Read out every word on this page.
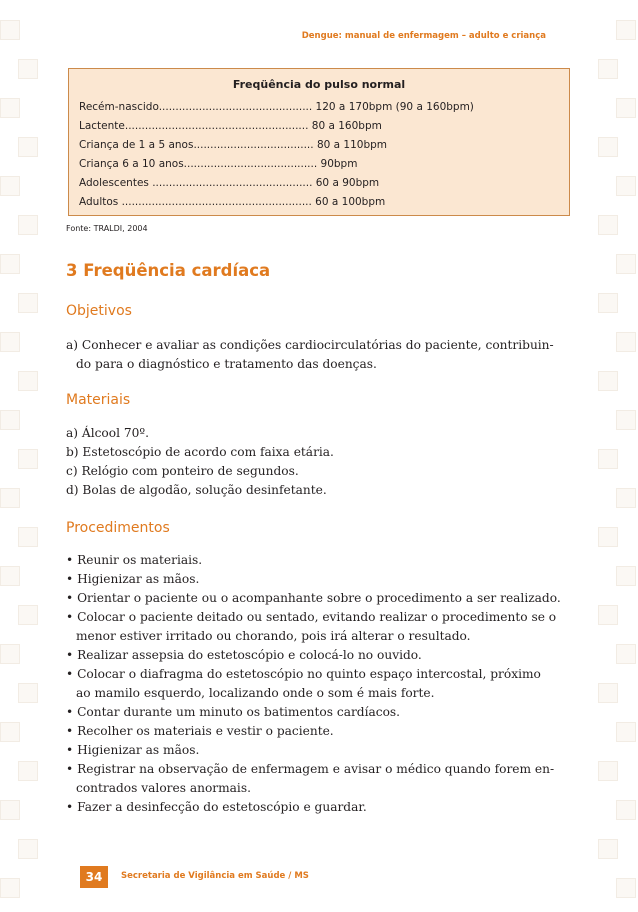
Dengue: manual de enfermagem – adulto e criança
Freqüência do pulso normal
Recém-nascido.............................................. 120 a 170bpm (90 a 160bpm)
Lactente....................................................... 80 a 160bpm
Criança de 1 a 5 anos.................................... 80 a 110bpm
Criança 6 a 10 anos........................................ 90bpm
Adolescentes ................................................ 60 a 90bpm
Adultos ......................................................... 60 a 100bpm
Fonte: TRALDI, 2004
3 Freqüência cardíaca
Objetivos
a) Conhecer e avaliar as condições cardiocirculatórias do paciente, contribuin-
do para o diagnóstico e tratamento das doenças.
Materiais
a) Álcool 70º.
b) Estetoscópio de acordo com faixa etária.
c) Relógio com ponteiro de segundos.
d) Bolas de algodão, solução desinfetante.
Procedimentos
• Reunir os materiais.
• Higienizar as mãos.
• Orientar o paciente ou o acompanhante sobre o procedimento a ser realizado.
• Colocar o paciente deitado ou sentado, evitando realizar o procedimento se o
menor estiver irritado ou chorando, pois irá alterar o resultado.
• Realizar assepsia do estetoscópio e colocá-lo no ouvido.
• Colocar o diafragma do estetoscópio no quinto espaço intercostal, próximo
ao mamilo esquerdo, localizando onde o som é mais forte.
• Contar durante um minuto os batimentos cardíacos.
• Recolher os materiais e vestir o paciente.
• Higienizar as mãos.
• Registrar na observação de enfermagem e avisar o médico quando forem en-
contrados valores anormais.
• Fazer a desinfecção do estetoscópio e guardar.
34	Secretaria de Vigilância em Saúde / MS
